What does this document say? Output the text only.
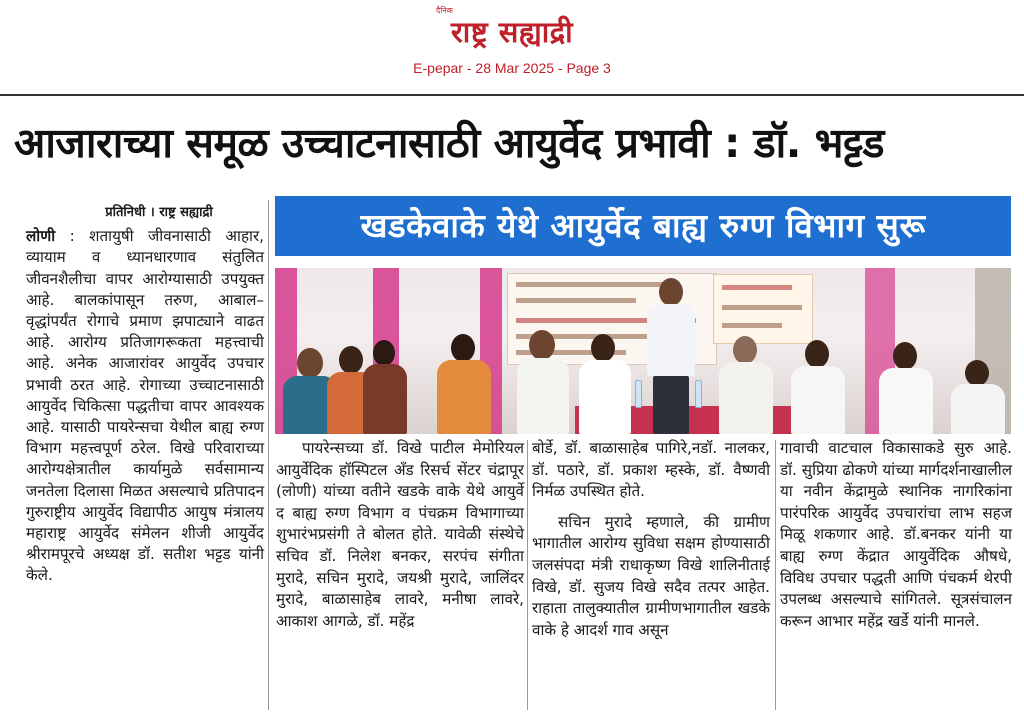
दैनिक
राष्ट्र सह्याद्री
E-pepar - 28 Mar 2025 - Page 3
आजाराच्या समूळ उच्चाटनासाठी आयुर्वेद प्रभावी : डॉ. भट्टड
प्रतिनिधी । राष्ट्र सह्याद्री
लोणी : शतायुषी जीवनासाठी आहार, व्यायाम व ध्यानधारणाव संतुलित जीवनशैलीचा वापर आरोग्यासाठी उपयुक्त आहे. बालकांपासून तरुण, आबाल–वृद्धांपर्यंत रोगाचे प्रमाण झपाट्याने वाढत आहे. आरोग्य प्रतिजागरूकता महत्त्वाची आहे. अनेक आजारांवर आयुर्वेद उपचार प्रभावी ठरत आहे. रोगाच्या उच्चाटनासाठी आयुर्वेद चिकित्सा पद्धतीचा वापर आवश्यक आहे. यासाठी पायरेन्सचा येथील बाह्य रुग्ण विभाग महत्त्वपूर्ण ठरेल. विखे परिवाराच्या आरोग्यक्षेत्रातील कार्यामुळे सर्वसामान्य जनतेला दिलासा मिळत असल्याचे प्रतिपादन गुरुराष्ट्रीय आयुर्वेद विद्यापीठ आयुष मंत्रालय महाराष्ट्र आयुर्वेद संमेलन शीजी आयुर्वेद श्रीरामपूरचे अध्यक्ष डॉ. सतीश भट्टड यांनी केले.
खडकेवाके येथे आयुर्वेद बाह्य रुग्ण विभाग सुरू

पायरेन्सच्या डॉ. विखे पाटील मेमोरियल आयुर्वेदिक हॉस्पिटल अँड रिसर्च सेंटर चंद्रापूर (लोणी) यांच्या वतीने खडके वाके येथे आयुर्वे द बाह्य रुग्ण विभाग व पंचक्रम विभागाच्या शुभारंभप्रसंगी ते बोलत होते. यावेळी संस्थेचे सचिव डॉ. निलेश बनकर, सरपंच संगीता मुरादे, सचिन मुरादे, जयश्री मुरादे, जालिंदर मुरादे, बाळासाहेब लावरे, मनीषा लावरे, आकाश आगळे, डॉ. महेंद्र

बोर्डे, डॉ. बाळासाहेब पागिरे,नडॉ. नालकर, डॉ. पठारे, डॉ. प्रकाश म्हस्के, डॉ. वैष्णवी निर्मळ उपस्थित होते.

सचिन मुरादे म्हणाले, की ग्रामीण भागातील आरोग्य सुविधा सक्षम होण्यासाठी जलसंपदा मंत्री राधाकृष्ण विखे शालिनीताई विखे, डॉ. सुजय विखे सदैव तत्पर आहेत. राहाता तालुक्यातील ग्रामीणभागातील खडके वाके हे आदर्श गाव असून

गावाची वाटचाल विकासाकडे सुरु आहे. डॉ. सुप्रिया ढोकणे यांच्या मार्गदर्शनाखालील या नवीन केंद्रामुळे स्थानिक नागरिकांना पारंपरिक आयुर्वेद उपचारांचा लाभ सहज मिळू शकणार आहे. डॉ.बनकर यांनी या बाह्य रुग्ण केंद्रात आयुर्वेदिक औषधे, विविध उपचार पद्धती आणि पंचकर्म थेरपी उपलब्ध असल्याचे सांगितले. सूत्रसंचालन करून आभार महेंद्र खर्डे यांनी मानले.
